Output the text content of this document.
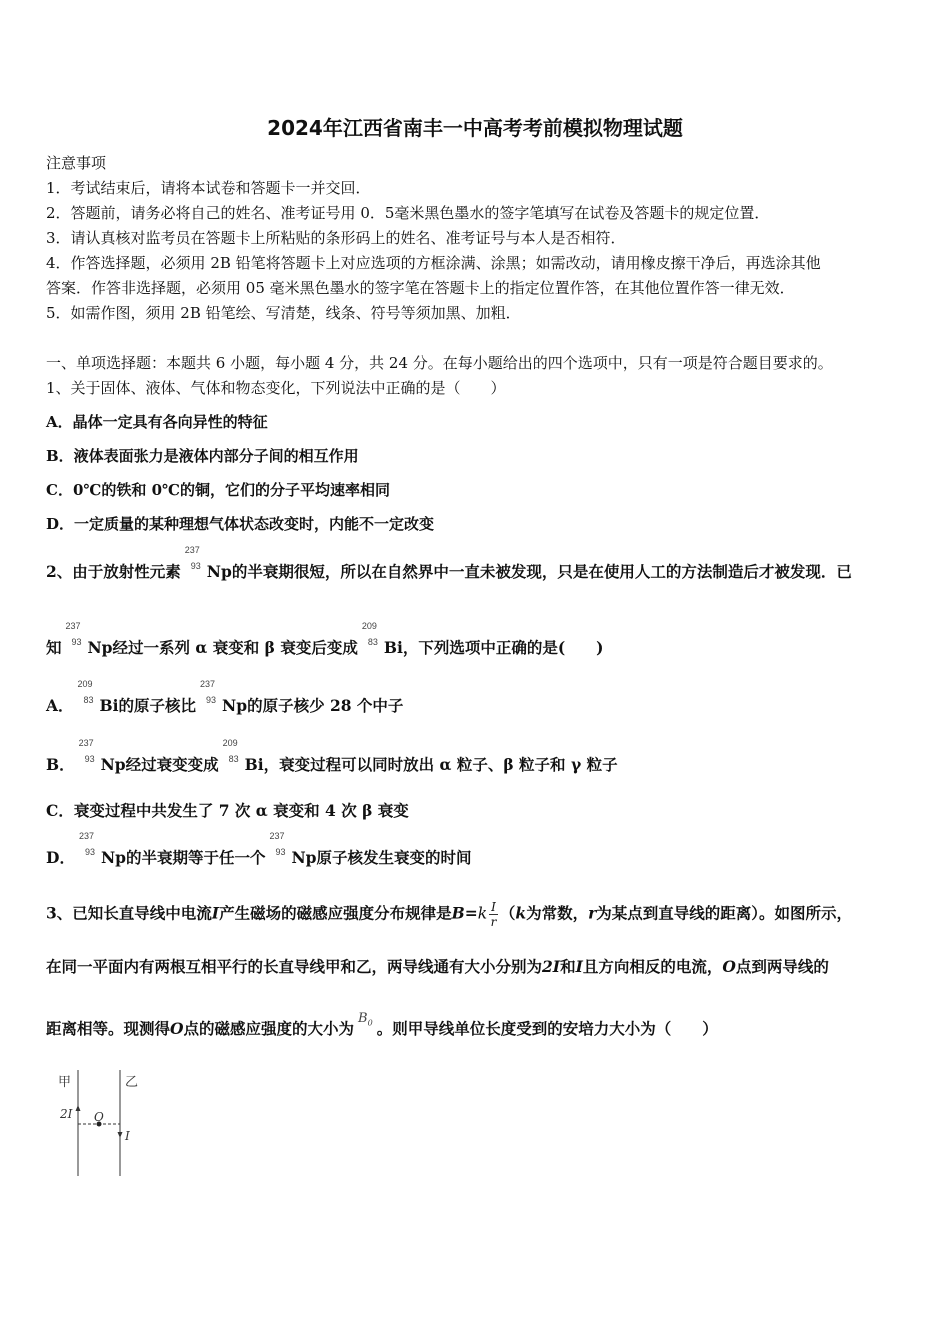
2024年江西省南丰一中高考考前模拟物理试题
注意事项
1．考试结束后，请将本试卷和答题卡一并交回．
2．答题前，请务必将自己的姓名、准考证号用 0．5毫米黑色墨水的签字笔填写在试卷及答题卡的规定位置．
3．请认真核对监考员在答题卡上所粘贴的条形码上的姓名、准考证号与本人是否相符．
4．作答选择题，必须用 2B 铅笔将答题卡上对应选项的方框涂满、涂黑；如需改动，请用橡皮擦干净后，再选涂其他
答案．作答非选择题，必须用 05 毫米黑色墨水的签字笔在答题卡上的指定位置作答，在其他位置作答一律无效．
5．如需作图，须用 2B 铅笔绘、写清楚，线条、符号等须加黑、加粗．
一、单项选择题：本题共 6 小题，每小题 4 分，共 24 分。在每小题给出的四个选项中，只有一项是符合题目要求的。
1、关于固体、液体、气体和物态变化，下列说法中正确的是（　　）
A．晶体一定具有各向异性的特征
B．液体表面张力是液体内部分子间的相互作用
C．0℃的铁和 0℃的铜，它们的分子平均速率相同
D．一定质量的某种理想气体状态改变时，内能不一定改变
2、由于放射性元素
237
93 Np的半衰期很短，所以在自然界中一直未被发现，只是在使用人工的方法制造后才被发现．已
知
237
93 Np经过一系列 α 衰变和 β 衰变后变成
209
83 Bi，下列选项中正确的是(　　)
A．
209
83 Bi的原子核比
237
93 Np的原子核少 28 个中子
B．
237
93 Np经过衰变变成
209
83 Bi，衰变过程可以同时放出 α 粒子、β 粒子和 γ 粒子
C．衰变过程中共发生了 7 次 α 衰变和 4 次 β 衰变
D．
237
93 Np的半衰期等于任一个
237
93 Np原子核发生衰变的时间
3、已知长直导线中电流I产生磁场的磁感应强度分布规律是$B=k \frac{I}{r} (k$为常数，r为某点到直导线的距离）。如图所示，
在同一平面内有两根互相平行的长直导线甲和乙，两导线通有大小分别为2I和I且方向相反的电流，O点到两导线的
距离相等。现测得O点的磁感应强度的大小为$B_0$ 。则甲导线单位长度受到的安培力大小为（　　）
甲	乙
2I O
I
